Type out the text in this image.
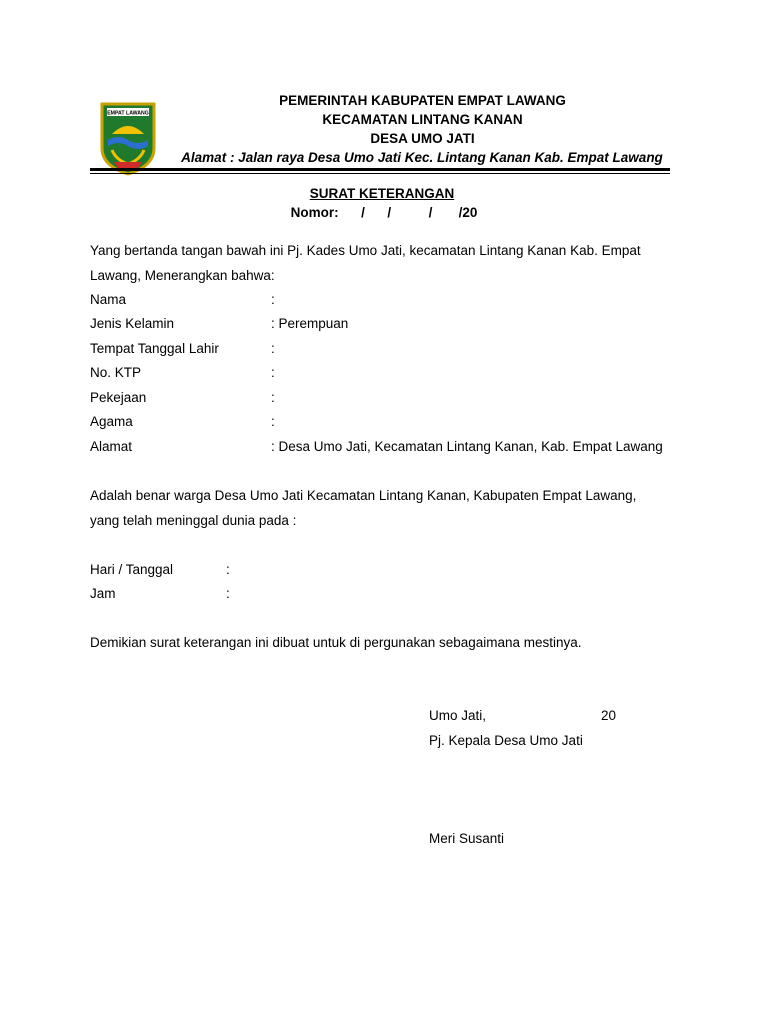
EMPAT LAWANG
PEMERINTAH KABUPATEN EMPAT LAWANG
KECAMATAN LINTANG KANAN
DESA UMO JATI
Alamat : Jalan raya Desa Umo Jati Kec. Lintang Kanan Kab. Empat Lawang
SURAT KETERANGAN
Nomor:      /      /          /       /20
Yang bertanda tangan bawah ini Pj. Kades Umo Jati, kecamatan Lintang Kanan Kab. Empat
Lawang, Menerangkan bahwa:
Nama	:
Jenis Kelamin	: Perempuan
Tempat Tanggal Lahir	:
No. KTP	:
Pekejaan	:
Agama	:
Alamat	: Desa Umo Jati, Kecamatan Lintang Kanan, Kab. Empat Lawang
Adalah benar warga Desa Umo Jati Kecamatan Lintang Kanan, Kabupaten Empat Lawang,
yang telah meninggal dunia pada :
Hari / Tanggal	:
Jam	:
Demikian surat keterangan ini dibuat untuk di pergunakan sebagaimana mestinya.
Umo Jati,	20
Pj. Kepala Desa Umo Jati
Meri Susanti
